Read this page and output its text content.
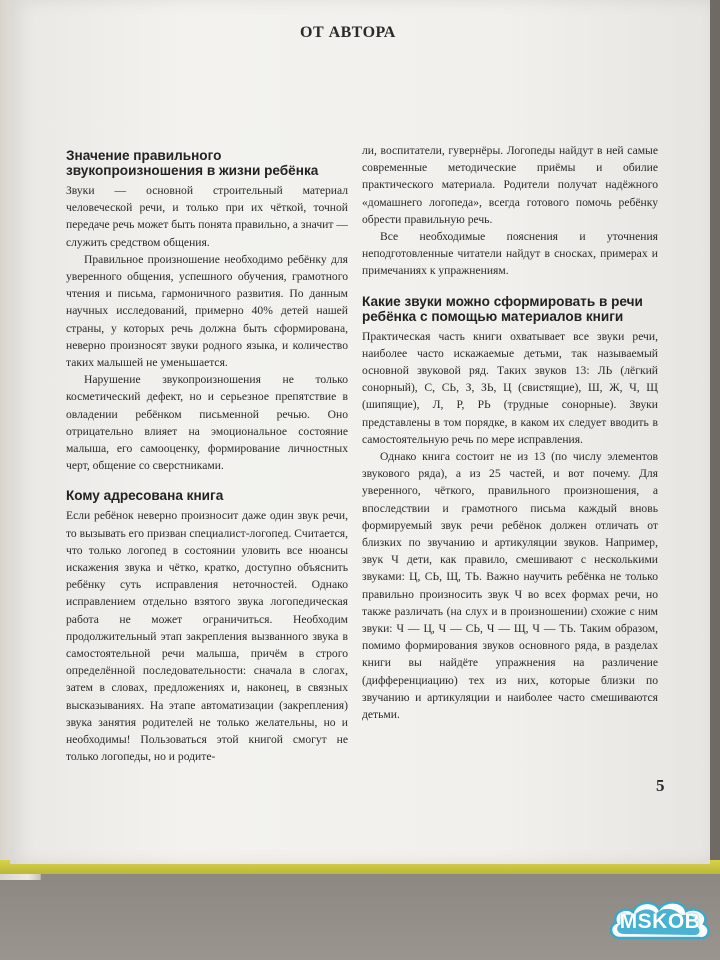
ОТ АВТОРА
Значение правильного звукопроизношения в жизни ребёнка

Звуки — основной строительный материал человеческой речи, и только при их чёткой, точной передаче речь может быть понята правильно, а значит — служить средством общения.

Правильное произношение необходимо ребёнку для уверенного общения, успешного обучения, грамотного чтения и письма, гармоничного развития. По данным научных исследований, примерно 40% детей нашей страны, у которых речь должна быть сформирована, неверно произносят звуки родного языка, и количество таких малышей не уменьшается.

Нарушение звукопроизношения не только косметический дефект, но и серьезное препятствие в овладении ребёнком письменной речью. Оно отрицательно влияет на эмоциональное состояние малыша, его самооценку, формирование личностных черт, общение со сверстниками.

Кому адресована книга

Если ребёнок неверно произносит даже один звук речи, то вызывать его призван специалист-логопед. Считается, что только логопед в состоянии уловить все нюансы искажения звука и чётко, кратко, доступно объяснить ребёнку суть исправления неточностей. Однако исправлением отдельно взятого звука логопедическая работа не может ограничиться. Необходим продолжительный этап закрепления вызванного звука в самостоятельной речи малыша, причём в строго определённой последовательности: сначала в слогах, затем в словах, предложениях и, наконец, в связных высказываниях. На этапе автоматизации (закрепления) звука занятия родителей не только желательны, но и необходимы! Пользоваться этой книгой смогут не только логопеды, но и родите-

ли, воспитатели, гувернёры. Логопеды найдут в ней самые современные методические приёмы и обилие практического материала. Родители получат надёжного «домашнего логопеда», всегда готового помочь ребёнку обрести правильную речь.

Все необходимые пояснения и уточнения неподготовленные читатели найдут в сносках, примерах и примечаниях к упражнениям.

Какие звуки можно сформировать в речи ребёнка с помощью материалов книги

Практическая часть книги охватывает все звуки речи, наиболее часто искажаемые детьми, так называемый основной звуковой ряд. Таких звуков 13: ЛЬ (лёгкий сонорный), С, СЬ, З, ЗЬ, Ц (свистящие), Ш, Ж, Ч, Щ (шипящие), Л, Р, РЬ (трудные сонорные). Звуки представлены в том порядке, в каком их следует вводить в самостоятельную речь по мере исправления.

Однако книга состоит не из 13 (по числу элементов звукового ряда), а из 25 частей, и вот почему. Для уверенного, чёткого, правильного произношения, а впоследствии и грамотного письма каждый вновь формируемый звук речи ребёнок должен отличать от близких по звучанию и артикуляции звуков. Например, звук Ч дети, как правило, смешивают с несколькими звуками: Ц, СЬ, Щ, ТЬ. Важно научить ребёнка не только правильно произносить звук Ч во всех формах речи, но также различать (на слух и в произношении) схожие с ним звуки: Ч — Ц, Ч — СЬ, Ч — Щ, Ч — ТЬ. Таким образом, помимо формирования звуков основного ряда, в разделах книги вы найдёте упражнения на различение (дифференциацию) тех из них, которые близки по звучанию и артикуляции и наиболее часто смешиваются детьми.

5
MSKOB
